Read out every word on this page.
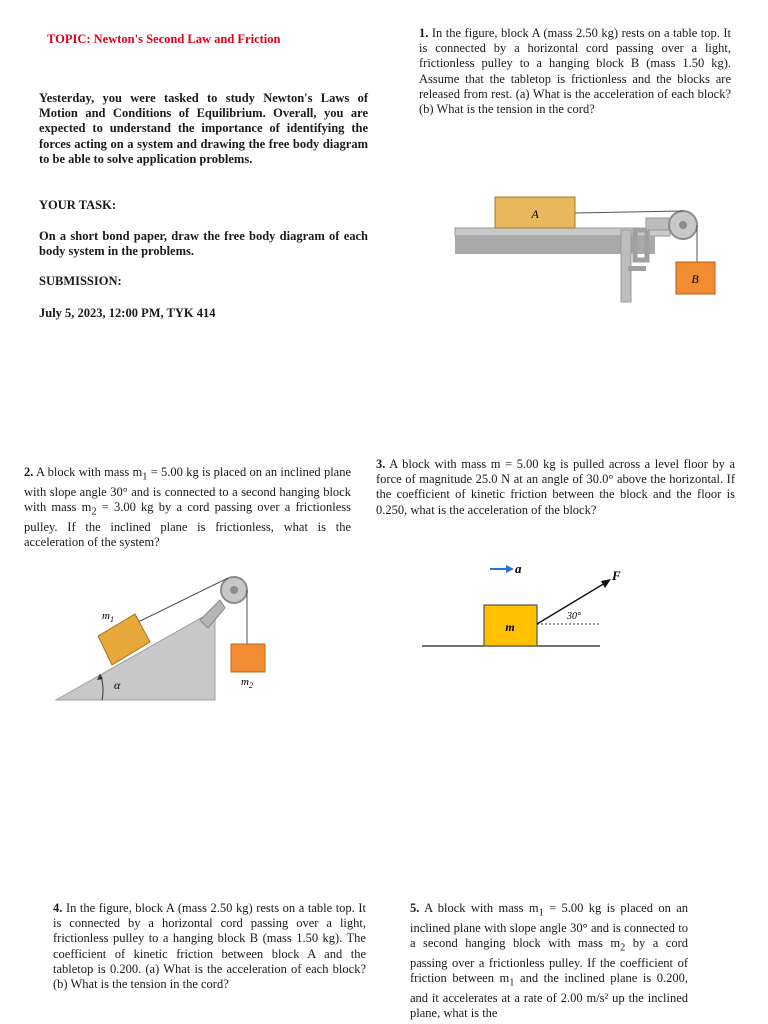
TOPIC: Newton's Second Law and Friction
Yesterday, you were tasked to study Newton's Laws of Motion and Conditions of Equilibrium. Overall, you are expected to understand the importance of identifying the forces acting on a system and drawing the free body diagram to be able to solve application problems.
YOUR TASK:
On a short bond paper, draw the free body diagram of each body system in the problems.
SUBMISSION:
July 5, 2023, 12:00 PM, TYK 414
1. In the figure, block A (mass 2.50 kg) rests on a table top. It is connected by a horizontal cord passing over a light, frictionless pulley to a hanging block B (mass 1.50 kg). Assume that the tabletop is frictionless and the blocks are released from rest. (a) What is the acceleration of each block? (b) What is the tension in the cord?
A
B
2. A block with mass $m_1 = 5.00$ kg is placed on an inclined plane with slope angle 30° and is connected to a second hanging block with mass $m_2 = 3.00$ kg by a cord passing over a frictionless pulley. If the inclined plane is frictionless, what is the acceleration of the system?
$m_1$
$m_2$
α
3. A block with mass m = 5.00 kg is pulled across a level floor by a force of magnitude 25.0 N at an angle of 30.0° above the horizontal. If the coefficient of kinetic friction between the block and the floor is 0.250, what is the acceleration of the block?
a
m
F
30°
4. In the figure, block A (mass 2.50 kg) rests on a table top. It is connected by a horizontal cord passing over a light, frictionless pulley to a hanging block B (mass 1.50 kg). The coefficient of kinetic friction between block A and the tabletop is 0.200. (a) What is the acceleration of each block? (b) What is the tension in the cord?
5. A block with mass $m_1 = 5.00$ kg is placed on an inclined plane with slope angle 30° and is connected to a second hanging block with mass $m_2$ by a cord passing over a frictionless pulley. If the coefficient of friction between $m_1$ and the inclined plane is 0.200, and it accelerates at a rate of 2.00 m/s² up the inclined plane, what is the
